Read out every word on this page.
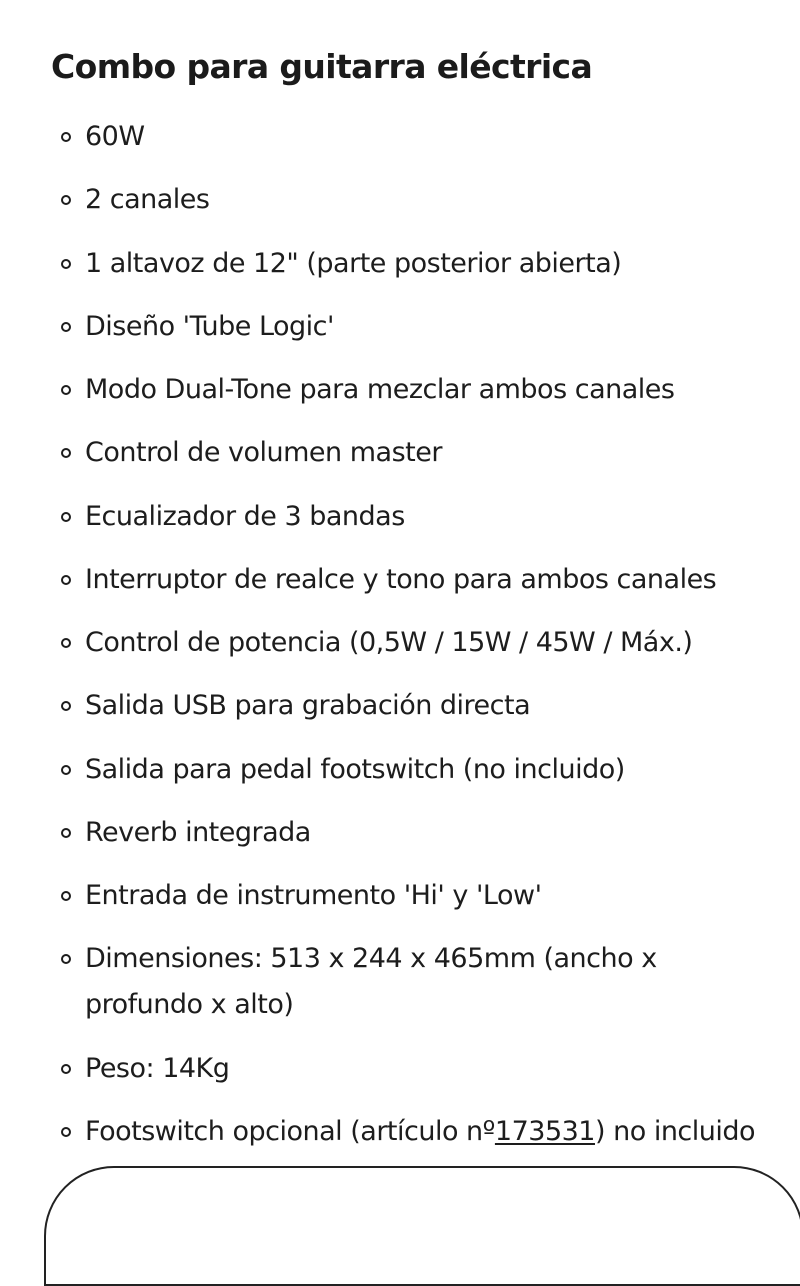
Combo para guitarra eléctrica
60W
2 canales
1 altavoz de 12" (parte posterior abierta)
Diseño 'Tube Logic'
Modo Dual-Tone para mezclar ambos canales
Control de volumen master
Ecualizador de 3 bandas
Interruptor de realce y tono para ambos canales
Control de potencia (0,5W / 15W / 45W / Máx.)
Salida USB para grabación directa
Salida para pedal footswitch (no incluido)
Reverb integrada
Entrada de instrumento 'Hi' y 'Low'
Dimensiones: 513 x 244 x 465mm (ancho x profundo x alto)
Peso: 14Kg
Footswitch opcional (artículo nº173531) no incluido
